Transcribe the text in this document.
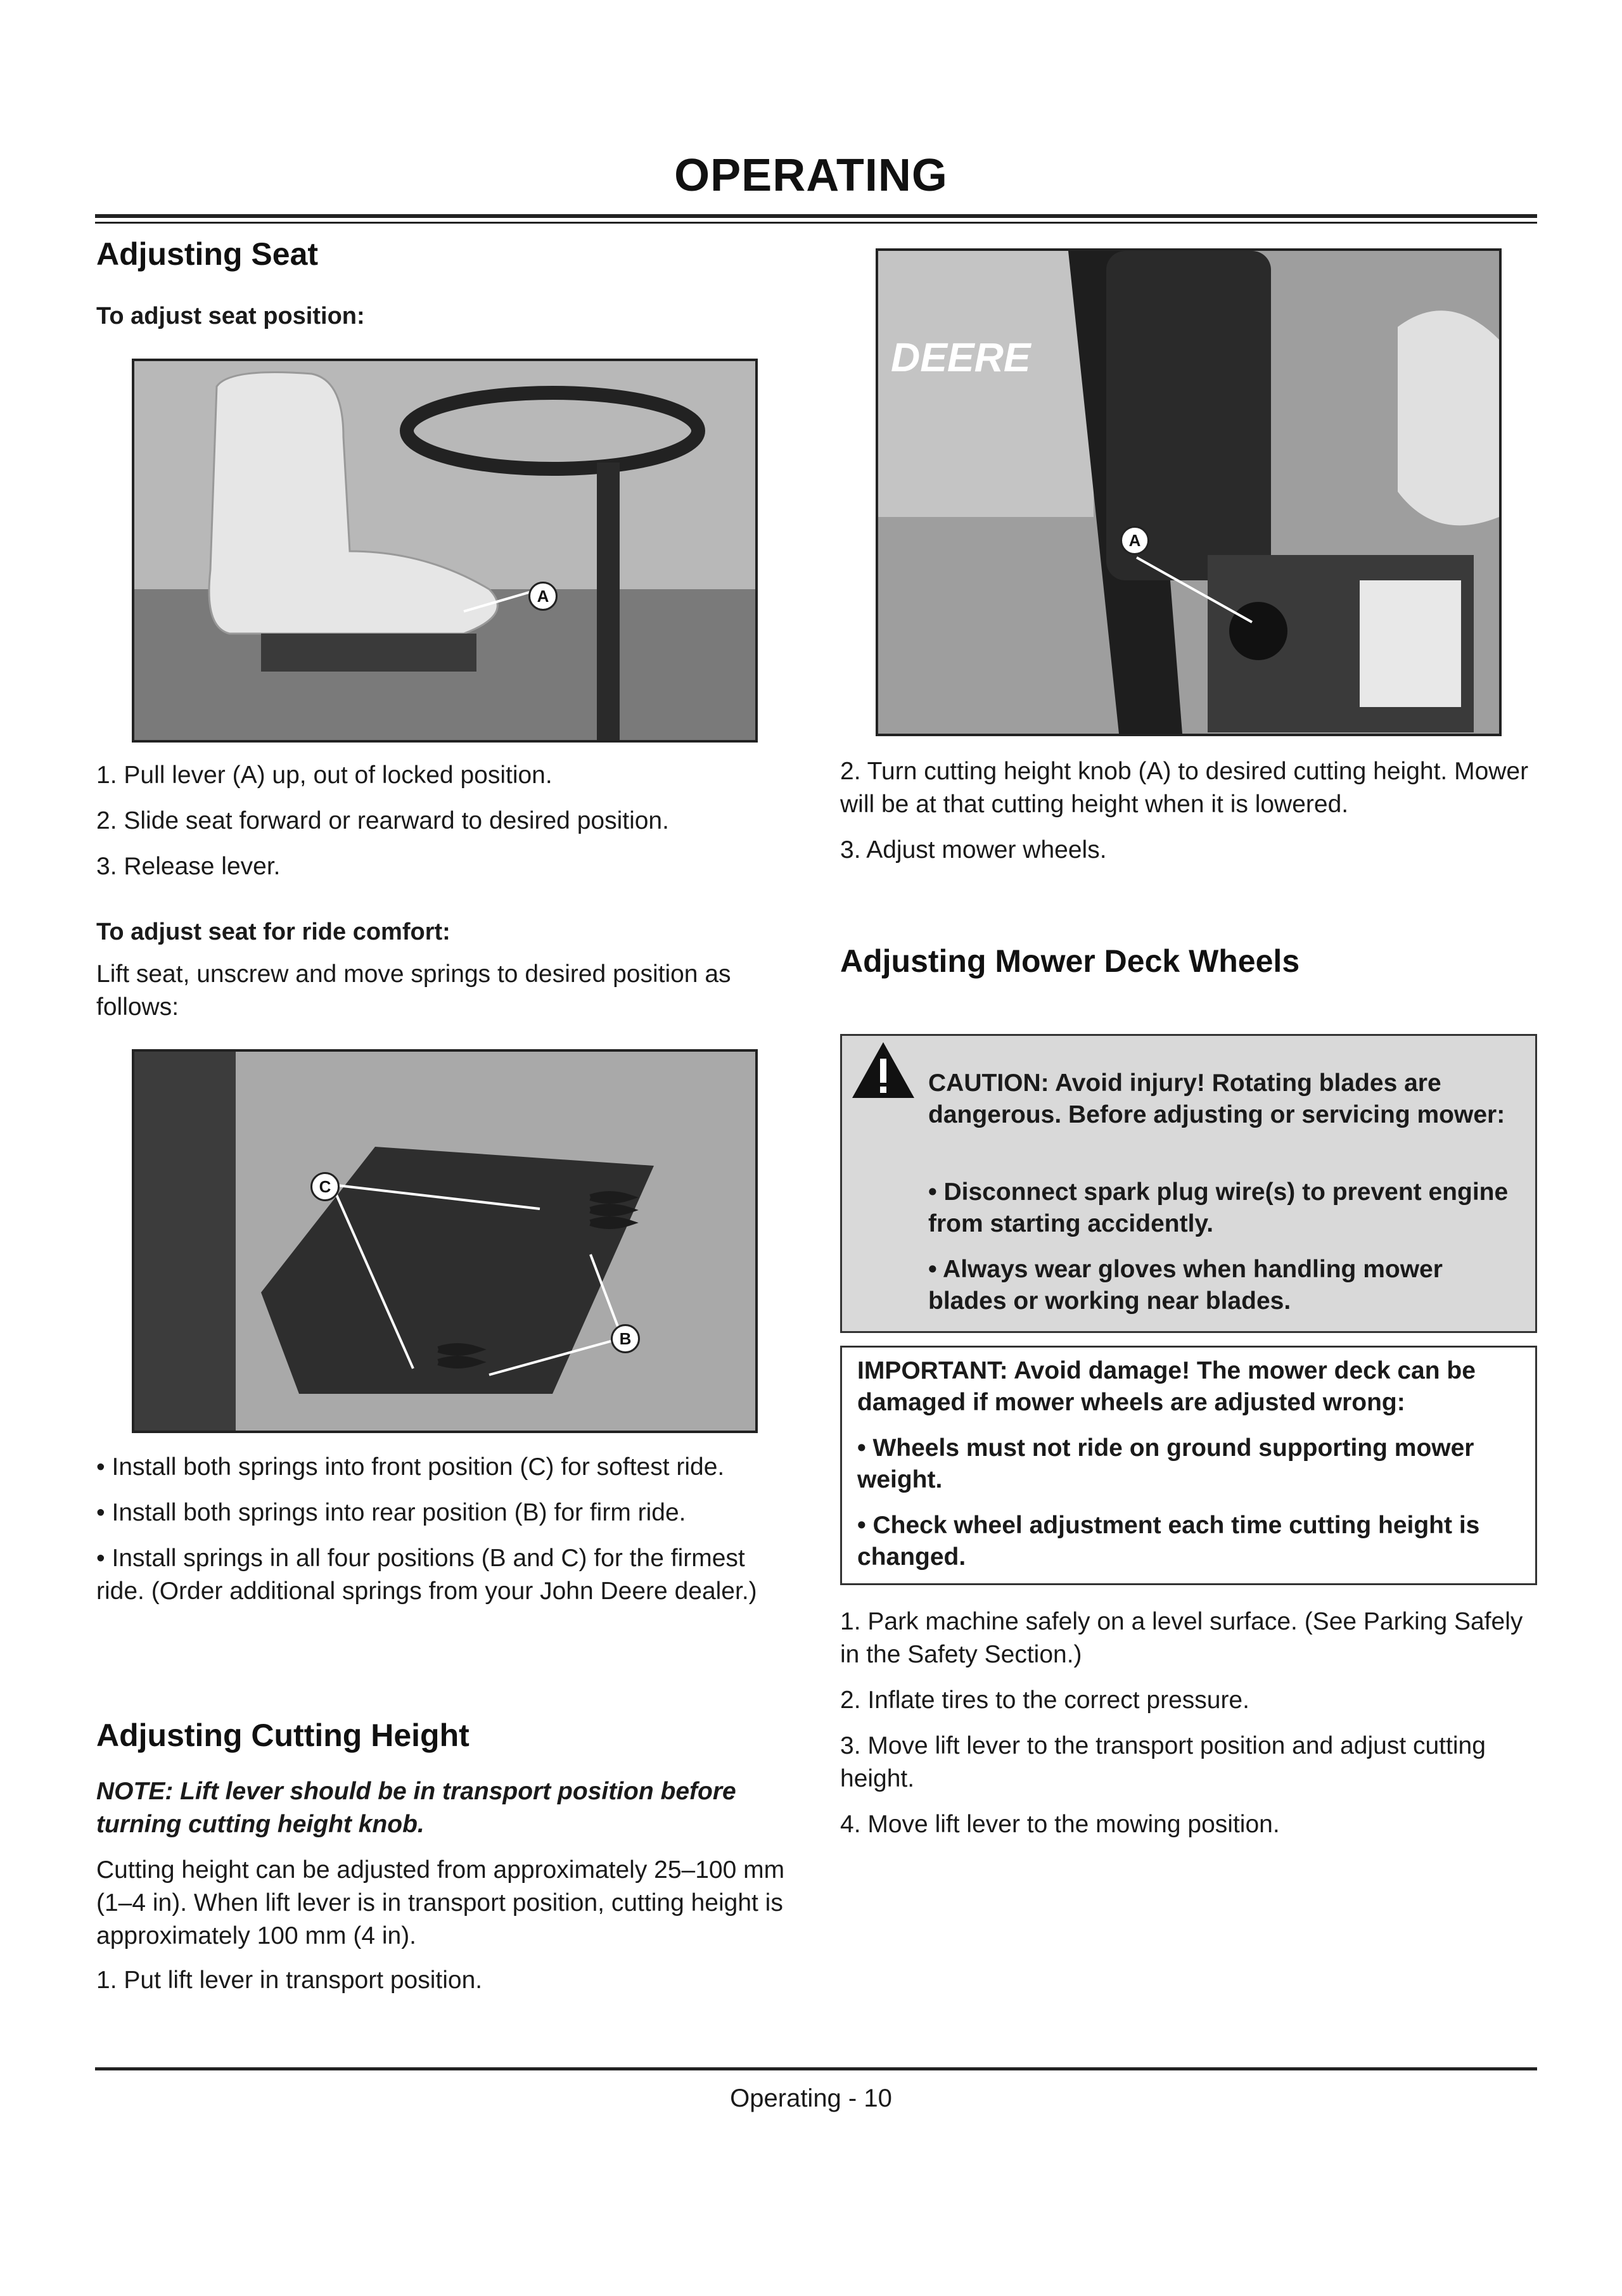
OPERATING
Adjusting Seat

To adjust seat position:

A

1. Pull lever (A) up, out of locked position.

2. Slide seat forward or rearward to desired position.

3. Release lever.

To adjust seat for ride comfort:

Lift seat, unscrew and move springs to desired position as follows:

C
B

• Install both springs into front position (C) for softest ride.

• Install both springs into rear position (B) for firm ride.

• Install springs in all four positions (B and C) for the firmest ride. (Order additional springs from your John Deere dealer.)

Adjusting Cutting Height

NOTE: Lift lever should be in transport position before turning cutting height knob.

Cutting height can be adjusted from approximately 25–100 mm (1–4 in). When lift lever is in transport position, cutting height is approximately 100 mm (4 in).

1. Put lift lever in transport position.

DEERE
A

2. Turn cutting height knob (A) to desired cutting height. Mower will be at that cutting height when it is lowered.

3. Adjust mower wheels.

Adjusting Mower Deck Wheels

CAUTION: Avoid injury! Rotating blades are dangerous. Before adjusting or servicing mower:

• Disconnect spark plug wire(s) to prevent engine from starting accidently.

• Always wear gloves when handling mower blades or working near blades.

IMPORTANT: Avoid damage! The mower deck can be damaged if mower wheels are adjusted wrong:

• Wheels must not ride on ground supporting mower weight.

• Check wheel adjustment each time cutting height is changed.

1. Park machine safely on a level surface. (See Parking Safely in the Safety Section.)

2. Inflate tires to the correct pressure.

3. Move lift lever to the transport position and adjust cutting height.

4. Move lift lever to the mowing position.

Operating - 10
